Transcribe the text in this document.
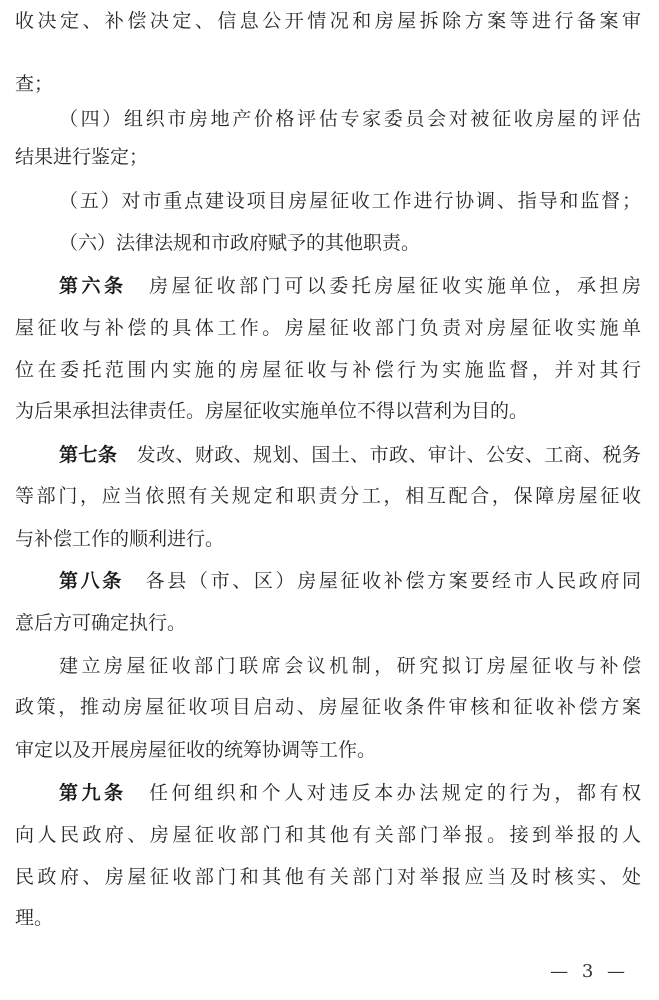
收决定、补偿决定、信息公开情况和房屋拆除方案等进行备案审
查；
（四）组织市房地产价格评估专家委员会对被征收房屋的评估
结果进行鉴定；
（五）对市重点建设项目房屋征收工作进行协调、指导和监督；
（六）法律法规和市政府赋予的其他职责。
第六条　 房屋征收部门可以委托房屋征收实施单位，承担房
屋征收与补偿的具体工作。房屋征收部门负责对房屋征收实施单
位在委托范围内实施的房屋征收与补偿行为实施监督，并对其行
为后果承担法律责任。房屋征收实施单位不得以营利为目的。
第七条　 发改、财政、规划、国土、市政、审计、公安、工商、税务
等部门，应当依照有关规定和职责分工，相互配合，保障房屋征收
与补偿工作的顺利进行。
第八条　 各县（市、区）房屋征收补偿方案要经市人民政府同
意后方可确定执行。
建立房屋征收部门联席会议机制，研究拟订房屋征收与补偿
政策，推动房屋征收项目启动、房屋征收条件审核和征收补偿方案
审定以及开展房屋征收的统筹协调等工作。
第九条　 任何组织和个人对违反本办法规定的行为，都有权
向人民政府、房屋征收部门和其他有关部门举报。接到举报的人
民政府、房屋征收部门和其他有关部门对举报应当及时核实、处
理。
— 3 —
